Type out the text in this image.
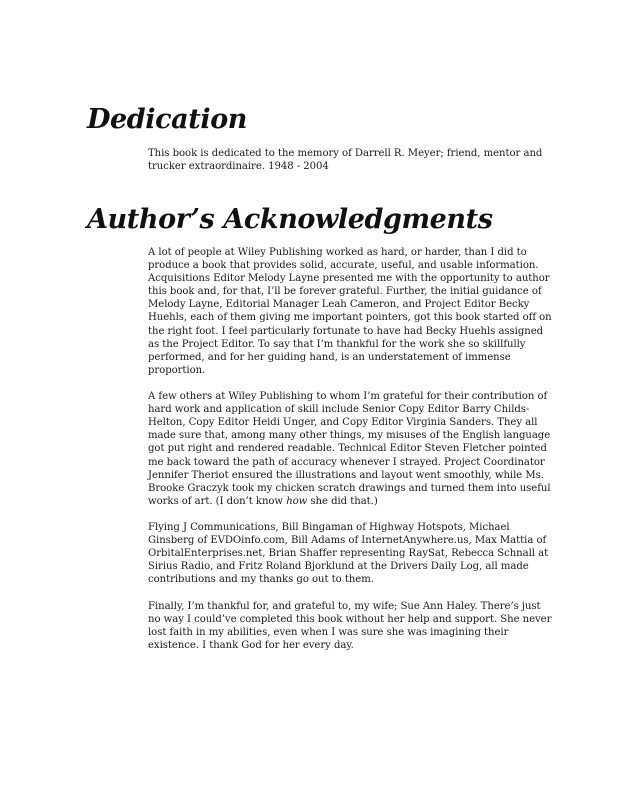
Dedication

This book is dedicated to the memory of Darrell R. Meyer; friend, mentor and trucker extraordinaire. 1948 - 2004

Author’s Acknowledgments

A lot of people at Wiley Publishing worked as hard, or harder, than I did to produce a book that provides solid, accurate, useful, and usable information. Acquisitions Editor Melody Layne presented me with the opportunity to author this book and, for that, I’ll be forever grateful. Further, the initial guidance of Melody Layne, Editorial Manager Leah Cameron, and Project Editor Becky Huehls, each of them giving me important pointers, got this book started off on the right foot. I feel particularly fortunate to have had Becky Huehls assigned as the Project Editor. To say that I’m thankful for the work she so skillfully performed, and for her guiding hand, is an understatement of immense proportion.

A few others at Wiley Publishing to whom I’m grateful for their contribution of hard work and application of skill include Senior Copy Editor Barry Childs-Helton, Copy Editor Heidi Unger, and Copy Editor Virginia Sanders. They all made sure that, among many other things, my misuses of the English language got put right and rendered readable. Technical Editor Steven Fletcher pointed me back toward the path of accuracy whenever I strayed. Project Coordinator Jennifer Theriot ensured the illustrations and layout went smoothly, while Ms. Brooke Graczyk took my chicken scratch drawings and turned them into useful works of art. (I don’t know how she did that.)

Flying J Communications, Bill Bingaman of Highway Hotspots, Michael Ginsberg of EVDOinfo.com, Bill Adams of InternetAnywhere.us, Max Mattia of OrbitalEnterprises.net, Brian Shaffer representing RaySat, Rebecca Schnall at Sirius Radio, and Fritz Roland Bjorklund at the Drivers Daily Log, all made contributions and my thanks go out to them.

Finally, I’m thankful for, and grateful to, my wife; Sue Ann Haley. There’s just no way I could’ve completed this book without her help and support. She never lost faith in my abilities, even when I was sure she was imagining their existence. I thank God for her every day.
